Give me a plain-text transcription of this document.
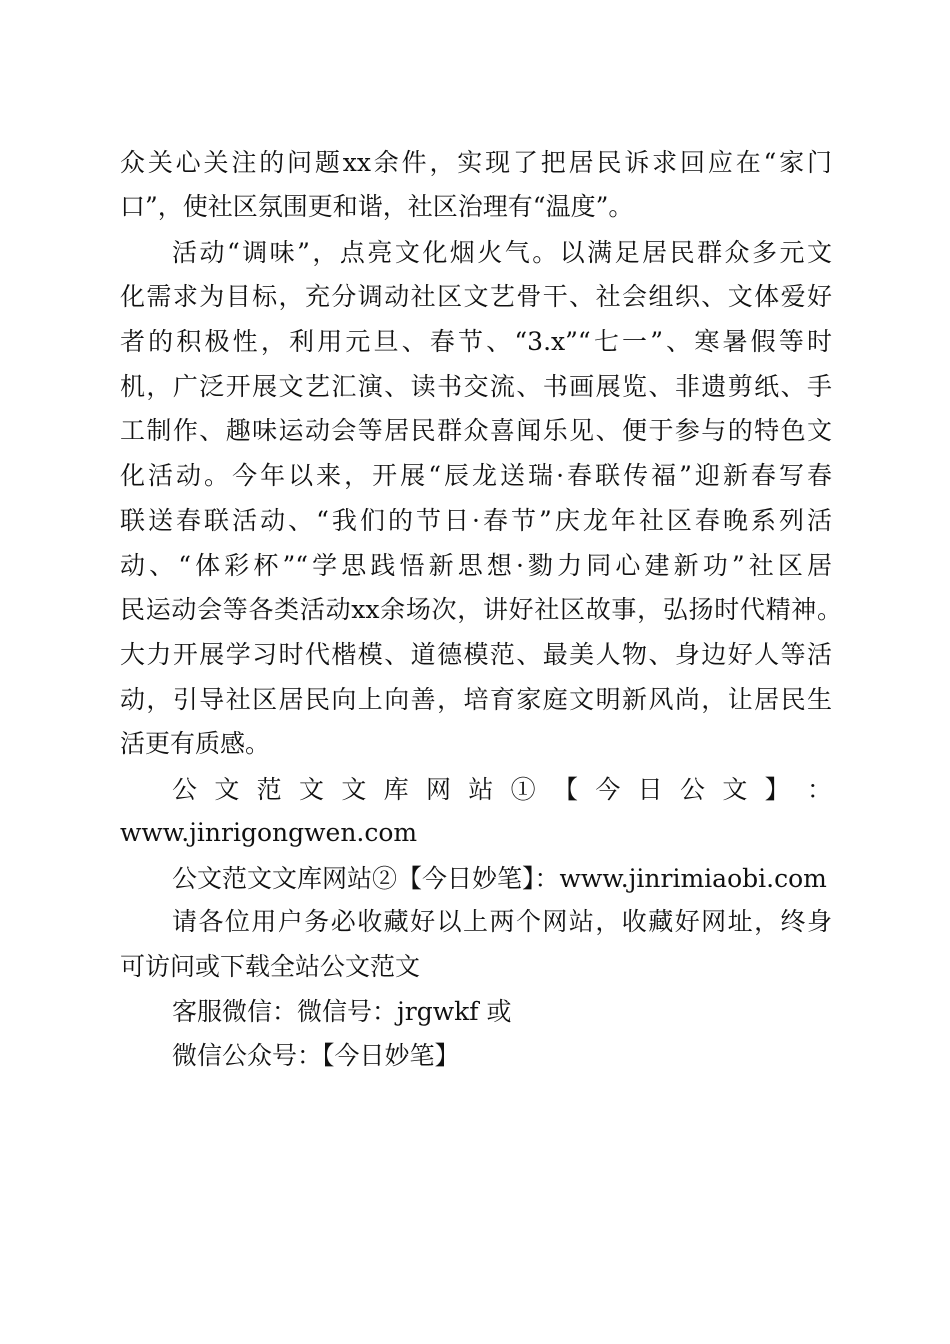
众关心关注的问题xx余件，实现了把居民诉求回应在“家门
口”，使社区氛围更和谐，社区治理有“温度”。
活动“调味”，点亮文化烟火气。以满足居民群众多元文
化需求为目标，充分调动社区文艺骨干、社会组织、文体爱好
者的积极性，利用元旦、春节、“3.x”“七一”、寒暑假等时
机，广泛开展文艺汇演、读书交流、书画展览、非遗剪纸、手
工制作、趣味运动会等居民群众喜闻乐见、便于参与的特色文
化活动。今年以来，开展“辰龙送瑞·春联传福”迎新春写春
联送春联活动、“我们的节日·春节”庆龙年社区春晚系列活
动、“体彩杯”“学思践悟新思想·勠力同心建新功”社区居
民运动会等各类活动xx余场次，讲好社区故事，弘扬时代精神。
大力开展学习时代楷模、道德模范、最美人物、身边好人等活
动，引导社区居民向上向善，培育家庭文明新风尚，让居民生
活更有质感。
公 文 范 文 文 库 网 站 ① 【 今 日 公 文 】 ：
www.jinrigongwen.com
公文范文文库网站②【今日妙笔】：www.jinrimiaobi.com
请各位用户务必收藏好以上两个网站，收藏好网址，终身
可访问或下载全站公文范文
客服微信：微信号：jrgwkf 或
微信公众号：【今日妙笔】
